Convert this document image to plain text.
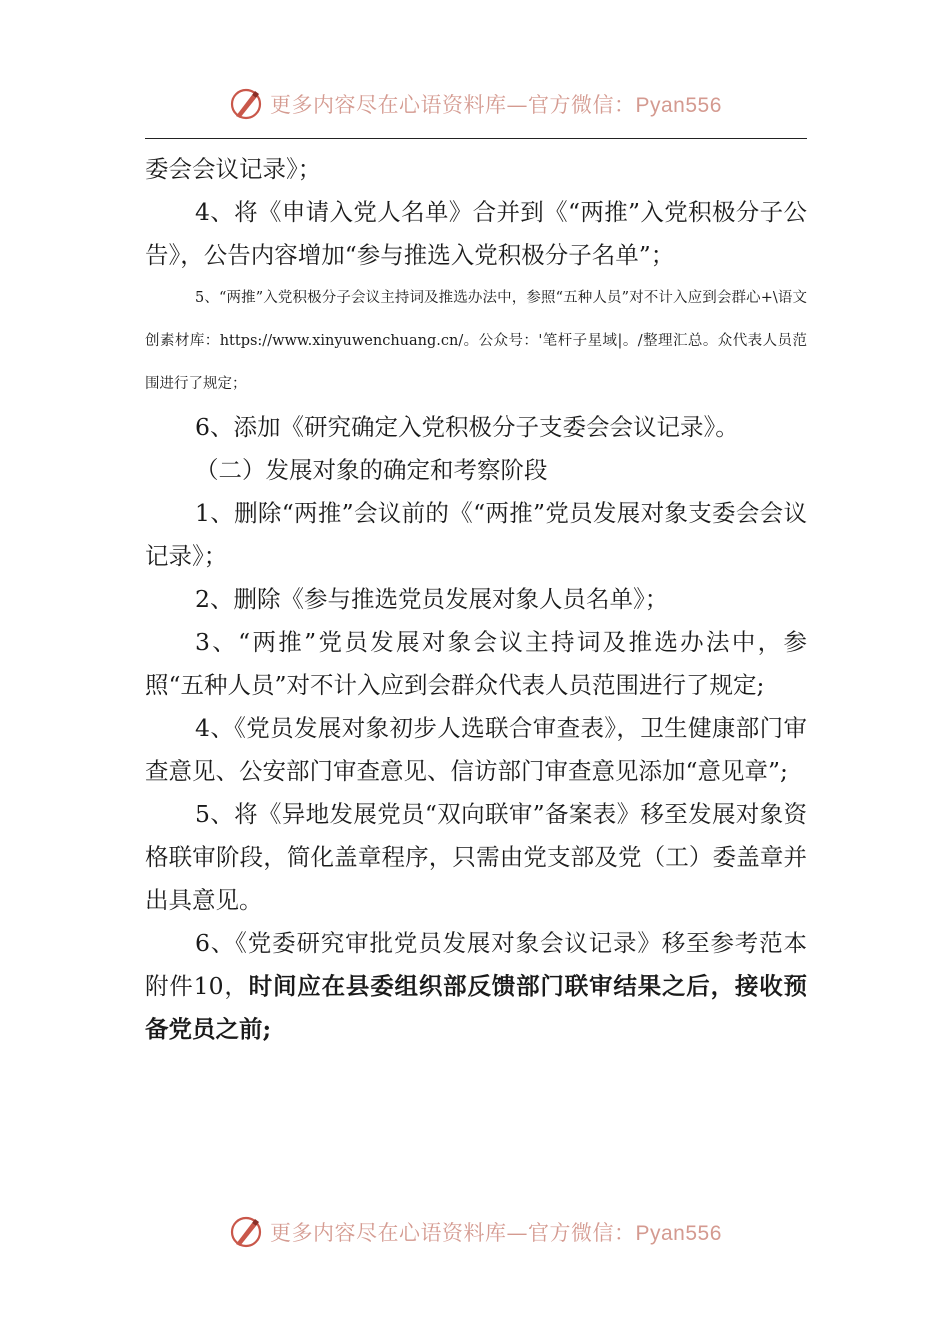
更多内容尽在心语资料库—官方微信：Pyan556

委会会议记录》；

4、将《申请入党人名单》合并到《“两推”入党积极分子公告》，公告内容增加“参与推选入党积极分子名单”；

5、“两推”入党积极分子会议主持词及推选办法中，参照“五种人员”对不计入应到会群心+\语文创素材库：https://www.xinyuwenchuang.cn/。公众号：'笔杆子星域|。/整理汇总。众代表人员范围进行了规定；

6、添加《研究确定入党积极分子支委会会议记录》。

（二）发展对象的确定和考察阶段

1、删除“两推”会议前的《“两推”党员发展对象支委会会议记录》；

2、删除《参与推选党员发展对象人员名单》；

3、“两推”党员发展对象会议主持词及推选办法中，参照“五种人员”对不计入应到会群众代表人员范围进行了规定;

4、《党员发展对象初步人选联合审查表》，卫生健康部门审查意见、公安部门审查意见、信访部门审查意见添加“意见章”;

5、将《异地发展党员“双向联审”备案表》移至发展对象资格联审阶段，简化盖章程序，只需由党支部及党（工）委盖章并出具意见。

6、《党委研究审批党员发展对象会议记录》移至参考范本附件10，时间应在县委组织部反馈部门联审结果之后，接收预备党员之前;

更多内容尽在心语资料库—官方微信：Pyan556
